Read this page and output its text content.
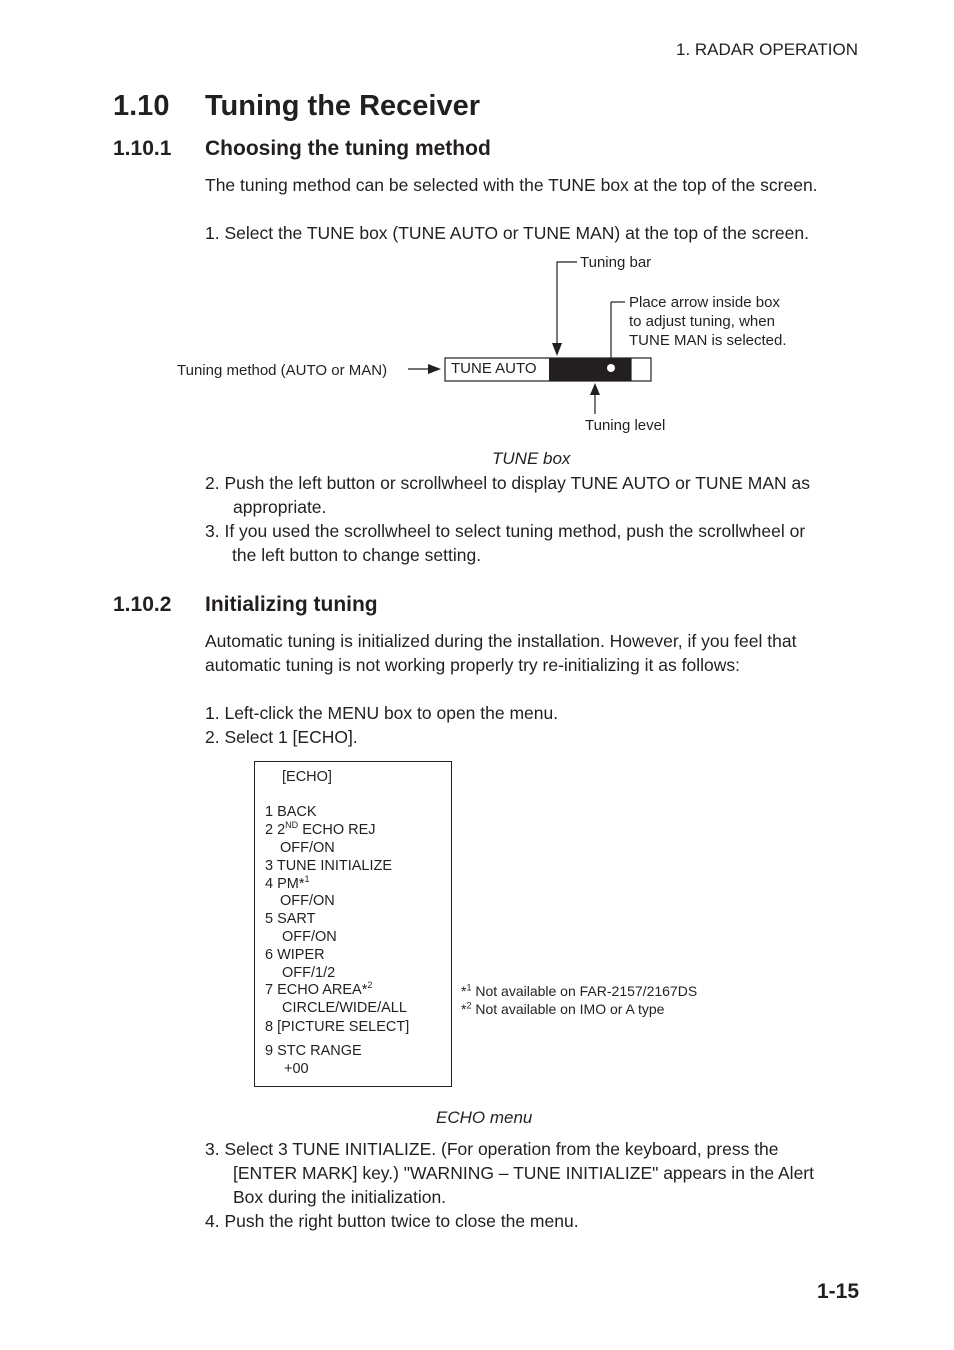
1. RADAR OPERATION
1.10 Tuning the Receiver
1.10.1 Choosing the tuning method
The tuning method can be selected with the TUNE box at the top of the screen.
1. Select the TUNE box (TUNE AUTO or TUNE MAN) at the top of the screen.
TUNE AUTO
Tuning bar
Place arrow inside box
to adjust tuning, when
TUNE MAN is selected.
Tuning method (AUTO or MAN)
Tuning level
TUNE box
2. Push the left button or scrollwheel to display TUNE AUTO or TUNE MAN as
appropriate.
3. If you used the scrollwheel to select tuning method, push the scrollwheel or
the left button to change setting.
1.10.2 Initializing tuning
Automatic tuning is initialized during the installation. However, if you feel that
automatic tuning is not working properly try re-initializing it as follows:
1. Left-click the MENU box to open the menu.
2. Select 1 [ECHO].
[ECHO]
1 BACK
2 2ND ECHO REJ
OFF/ON
3 TUNE INITIALIZE
4 PM*$^1$
OFF/ON
5 SART
OFF/ON
6 WIPER
OFF/1/2
7 ECHO AREA*$^2$
CIRCLE/WIDE/ALL
8 [PICTURE SELECT]
9 STC RANGE
+00
*$^1$ Not available on FAR-2157/2167DS
*$^2$ Not available on IMO or A type
ECHO menu
3. Select 3 TUNE INITIALIZE. (For operation from the keyboard, press the
[ENTER MARK] key.) "WARNING – TUNE INITIALIZE" appears in the Alert
Box during the initialization.
4. Push the right button twice to close the menu.
1-15
